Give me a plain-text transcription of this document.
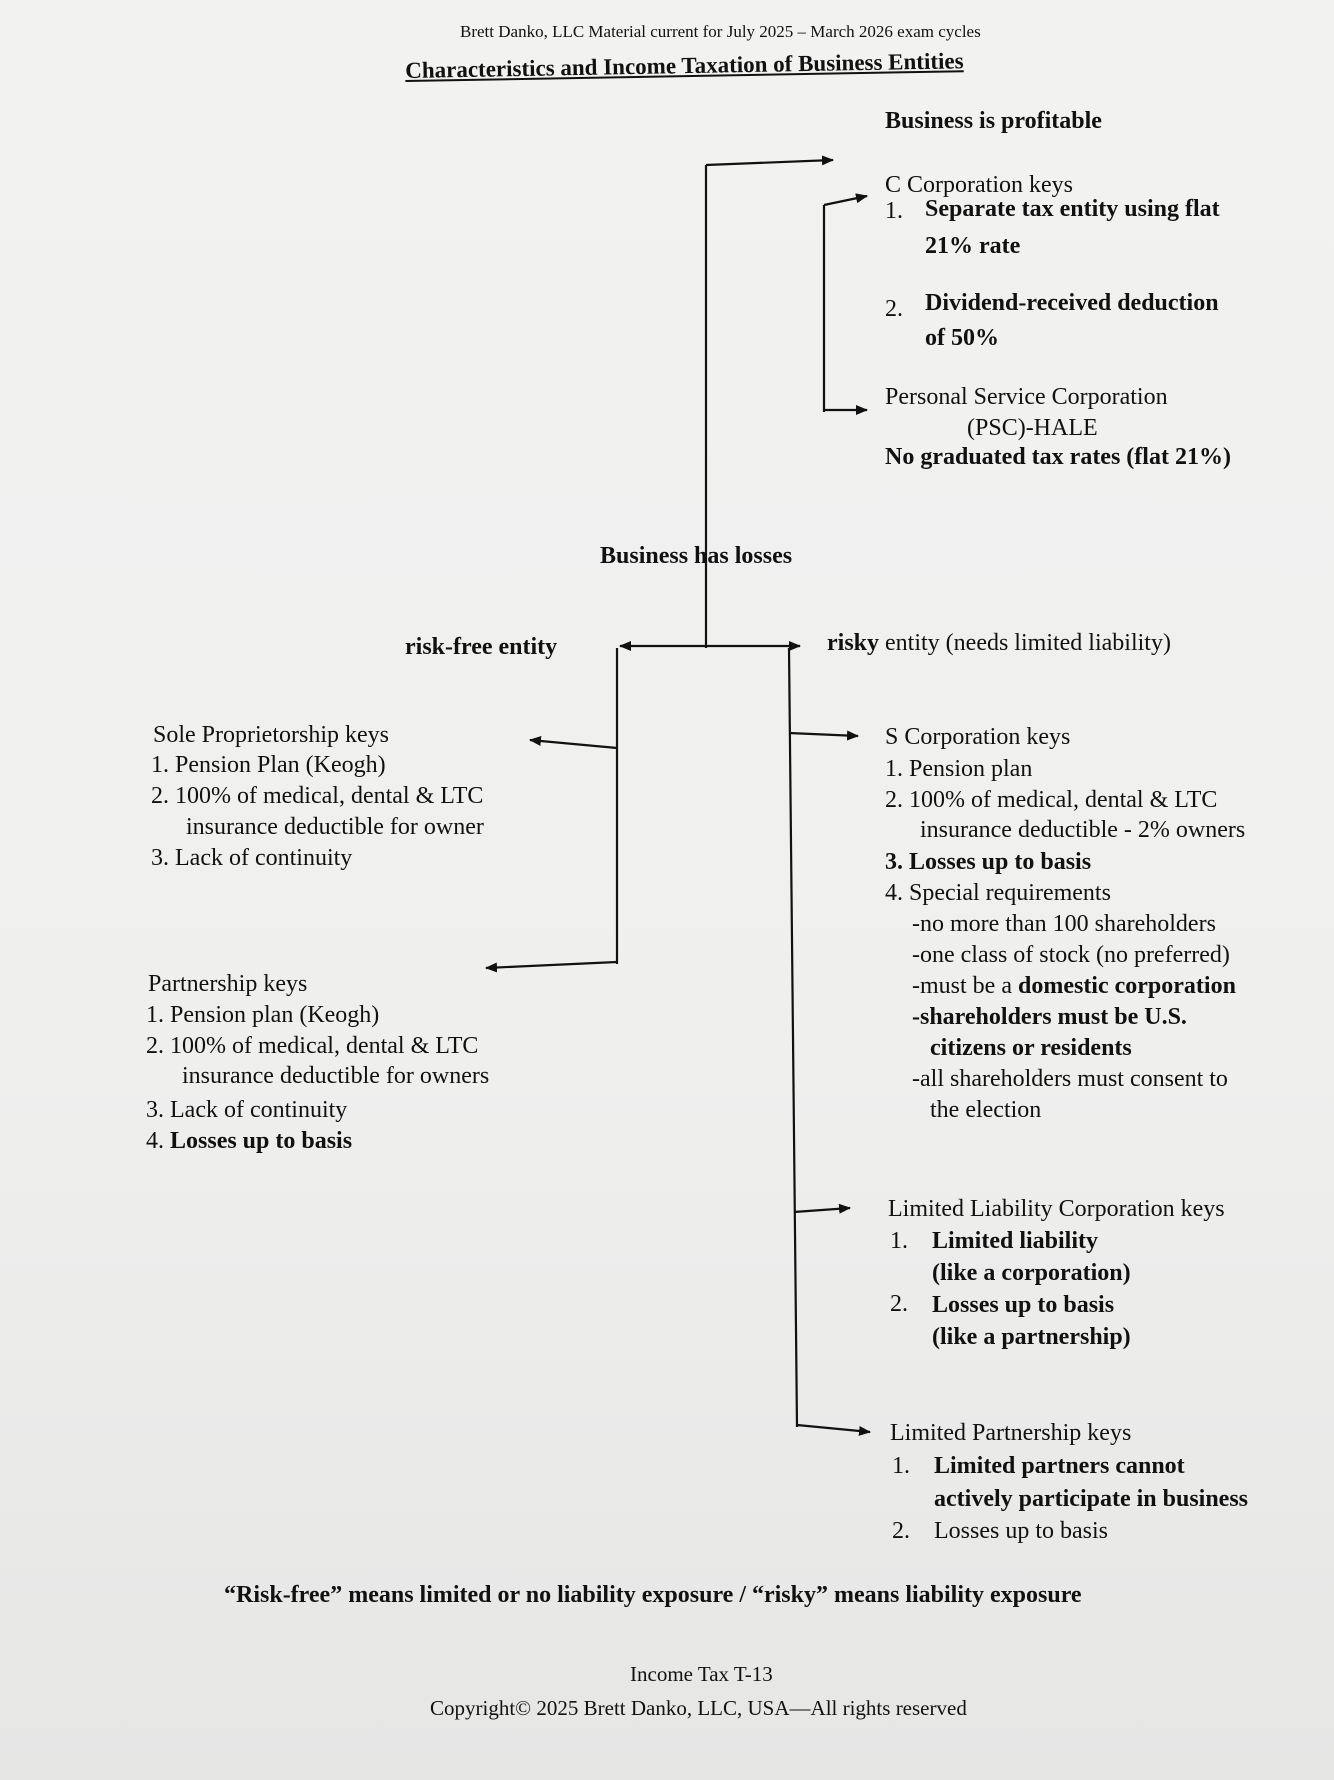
Brett Danko, LLC Material current for July 2025 – March 2026 exam cycles
Characteristics and Income Taxation of Business Entities
Business is profitable
C Corporation keys
1. Separate tax entity using flat
21% rate
2. Dividend-received deduction
of 50%
Personal Service Corporation
(PSC)-HALE
No graduated tax rates (flat 21%)
Business has losses
risk-free entity	risky entity (needs limited liability)
Sole Proprietorship keys
1. Pension Plan (Keogh)
2. 100% of medical, dental & LTC
insurance deductible for owner
3. Lack of continuity
Partnership keys
1. Pension plan (Keogh)
2. 100% of medical, dental & LTC
insurance deductible for owners
3. Lack of continuity
4. Losses up to basis
S Corporation keys
1. Pension plan
2. 100% of medical, dental & LTC
insurance deductible - 2% owners
3. Losses up to basis
4. Special requirements
-no more than 100 shareholders
-one class of stock (no preferred)
-must be a domestic corporation
-shareholders must be U.S.
citizens or residents
-all shareholders must consent to
the election
Limited Liability Corporation keys
1. Limited liability
(like a corporation)
2. Losses up to basis
(like a partnership)
Limited Partnership keys
1. Limited partners cannot
actively participate in business
2. Losses up to basis
“Risk-free” means limited or no liability exposure / “risky” means liability exposure
Income Tax T-13
Copyright© 2025 Brett Danko, LLC, USA—All rights reserved
